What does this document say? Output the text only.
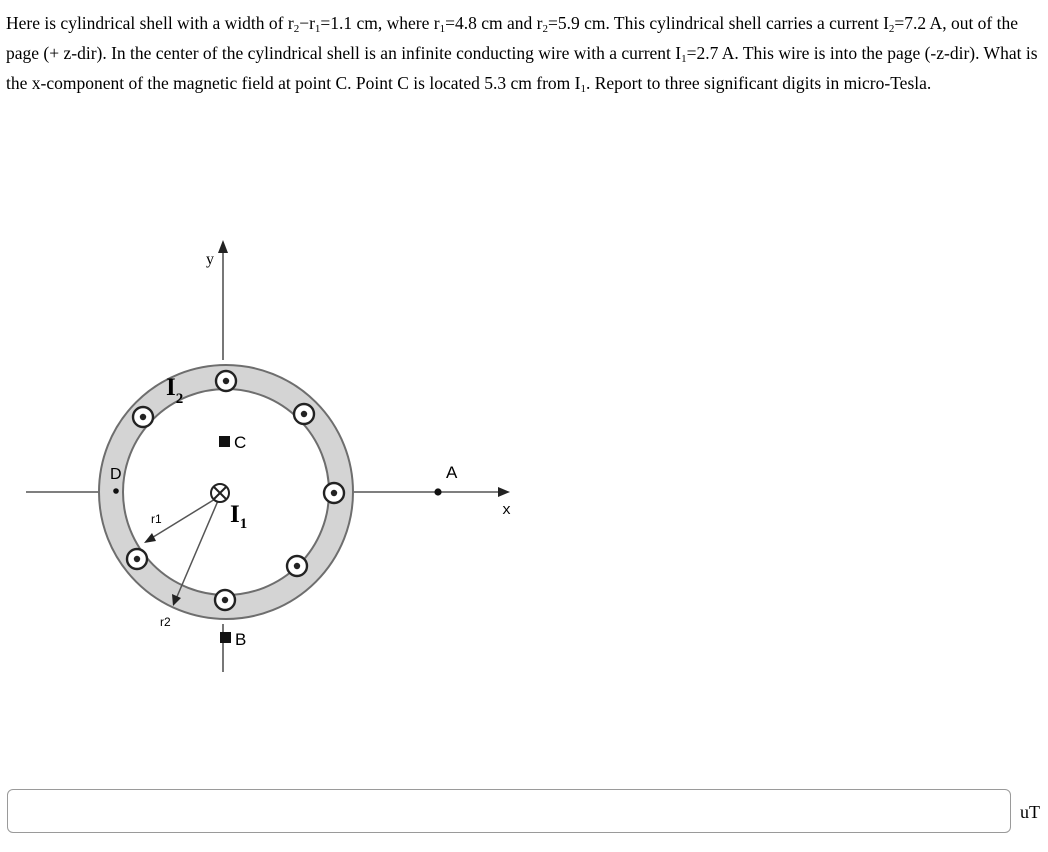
Here is cylindrical shell with a width of $r_2-r_1=1.1$ cm, where $r_1=4.8$ cm and $r_2=5.9$ cm. This cylindrical shell carries a current $I_2=7.2$ A, out of the page (+ z-dir). In the center of the cylindrical shell is an infinite conducting wire with a current $I_1=2.7$ A. This wire is into the page (-z-dir). What is the x-component of the magnetic field at point C. Point C is located 5.3 cm from $I_1$. Report to three significant digits in micro-Tesla.

C
B
A
D
r1
r2
x
y
$I_2$
$I_1$
uT
